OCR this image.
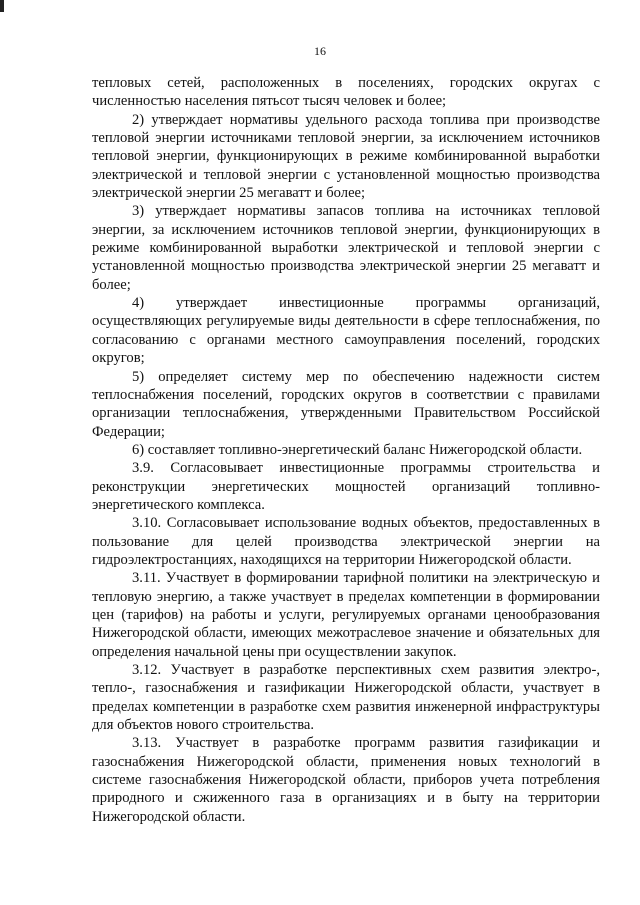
16

тепловых сетей, расположенных в поселениях, городских округах с численностью населения пятьсот тысяч человек и более;

2) утверждает нормативы удельного расхода топлива при производстве тепловой энергии источниками тепловой энергии, за исключением источников тепловой энергии, функционирующих в режиме комбинированной выработки электрической и тепловой энергии с установленной мощностью производства электрической энергии 25 мегаватт и более;

3) утверждает нормативы запасов топлива на источниках тепловой энергии, за исключением источников тепловой энергии, функционирующих в режиме комбинированной выработки электрической и тепловой энергии с установленной мощностью производства электрической энергии 25 мегаватт и более;

4) утверждает инвестиционные программы организаций, осуществляющих регулируемые виды деятельности в сфере теплоснабжения, по согласованию с органами местного самоуправления поселений, городских округов;

5) определяет систему мер по обеспечению надежности систем теплоснабжения поселений, городских округов в соответствии с правилами организации теплоснабжения, утвержденными Правительством Российской Федерации;

6) составляет топливно-энергетический баланс Нижегородской области.

3.9. Согласовывает инвестиционные программы строительства и реконструкции энергетических мощностей организаций топливно-энергетического комплекса.

3.10. Согласовывает использование водных объектов, предоставленных в пользование для целей производства электрической энергии на гидроэлектростанциях, находящихся на территории Нижегородской области.

3.11. Участвует в формировании тарифной политики на электрическую и тепловую энергию, а также участвует в пределах компетенции в формировании цен (тарифов) на работы и услуги, регулируемых органами ценообразования Нижегородской области, имеющих межотраслевое значение и обязательных для определения начальной цены при осуществлении закупок.

3.12. Участвует в разработке перспективных схем развития электро-, тепло-, газоснабжения и газификации Нижегородской области, участвует в пределах компетенции в разработке схем развития инженерной инфраструктуры для объектов нового строительства.

3.13. Участвует в разработке программ развития газификации и газоснабжения Нижегородской области, применения новых технологий в системе газоснабжения Нижегородской области, приборов учета потребления природного и сжиженного газа в организациях и в быту на территории Нижегородской области.
